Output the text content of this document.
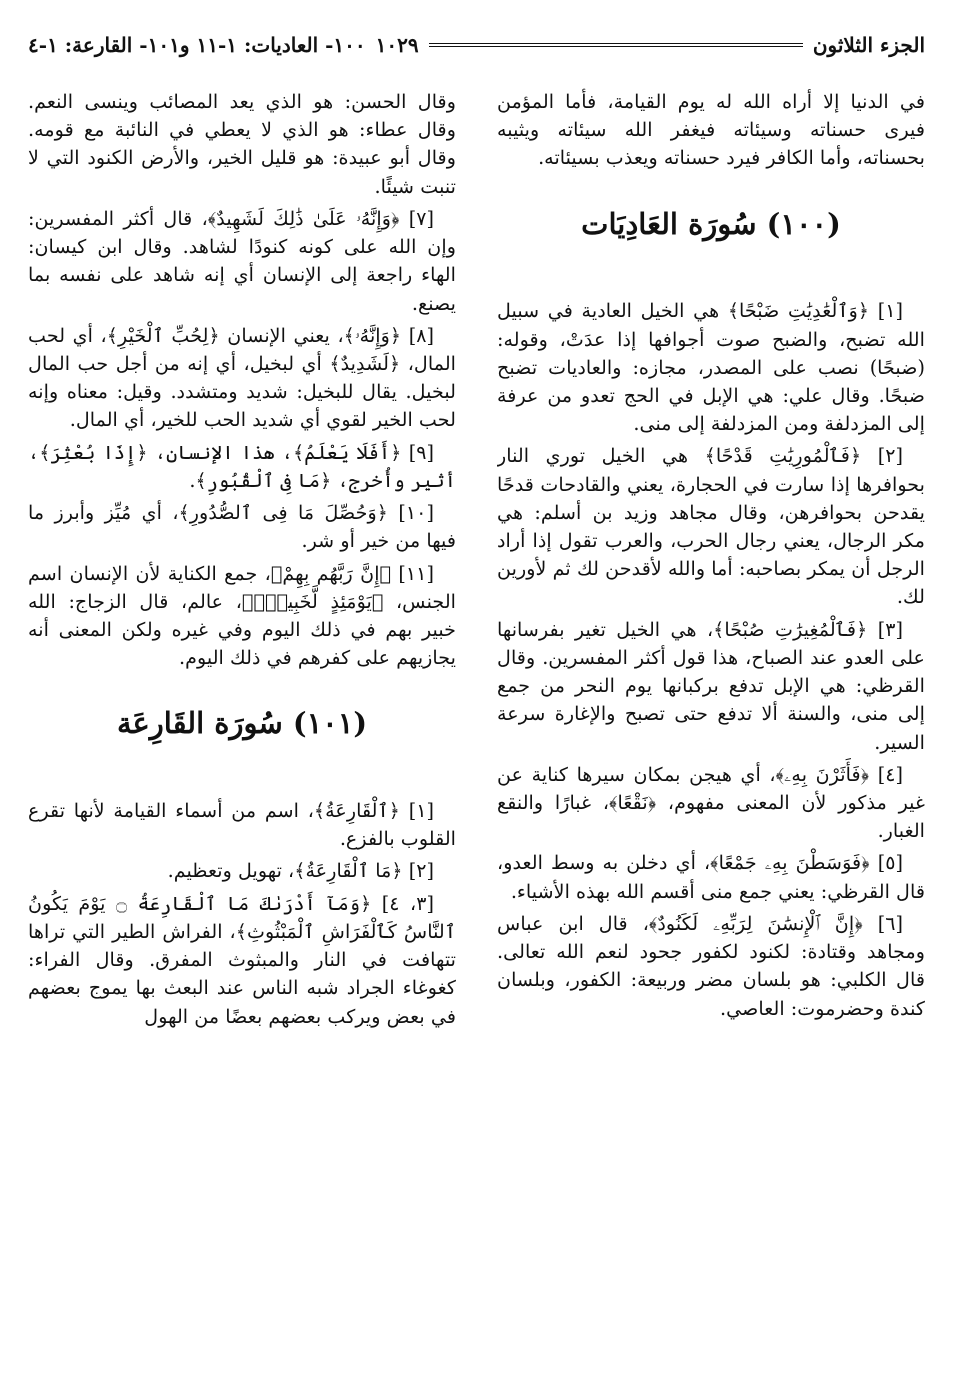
الجزء الثلاثون
١٠٢٩
١٠٠- العاديات: ١-١١ و١٠١- القارعة: ١-٤

في الدنيا إلا أراه الله له يوم القيامة، فأما المؤمن فيرى حسناته وسيئاته فيغفر الله سيئاته ويثيبه بحسناته، وأما الكافر فيرد حسناته ويعذب بسيئاته.

(١٠٠) سُورَة العَادِيَات

[١] ﴿وَٱلْعَٰدِيَٰتِ ضَبْحًا﴾ هي الخيل العادية في سبيل الله تضبح، والضبح صوت أجوافها إذا عدَتْ، وقوله: (ضبحًا) نصب على المصدر، مجازه: والعاديات تضبح ضبحًا. وقال علي: هي الإبل في الحج تعدو من عرفة إلى المزدلفة ومن المزدلفة إلى منى.

[٢] ﴿فَٱلْمُورِيَٰتِ قَدْحًا﴾ هي الخيل توري النار بحوافرها إذا سارت في الحجارة، يعني والقادحات قدحًا يقدحن بحوافرهن، وقال مجاهد وزيد بن أسلم: هي مكر الرجال، يعني رجال الحرب، والعرب تقول إذا أراد الرجل أن يمكر بصاحبه: أما والله لأقدحن لك ثم لأورين لك.

[٣] ﴿فَٱلْمُغِيرَٰتِ صُبْحًا﴾، هي الخيل تغير بفرسانها على العدو عند الصباح، هذا قول أكثر المفسرين. وقال القرظي: هي الإبل تدفع بركبانها يوم النحر من جمع إلى منى، والسنة ألا تدفع حتى تصبح والإغارة سرعة السير.

[٤] ﴿فَأَثَرْنَ بِهِۦ﴾، أي هيجن بمكان سيرها كناية عن غير مذكور لأن المعنى مفهوم، ﴿نَقْعًا﴾، غبارًا والنقع الغبار.

[٥] ﴿فَوَسَطْنَ بِهِۦ جَمْعًا﴾، أي دخلن به وسط العدو، قال القرظي: يعني جمع منى أقسم الله بهذه الأشياء.

[٦] ﴿إِنَّ ٱلْإِنسَٰنَ لِرَبِّهِۦ لَكَنُودٌ﴾، قال ابن عباس ومجاهد وقتادة: لكنود لكفور جحود لنعم الله تعالى. قال الكلبي: هو بلسان مضر وربيعة: الكفور، وبلسان كندة وحضرموت: العاصي.

وقال الحسن: هو الذي يعد المصائب وينسى النعم. وقال عطاء: هو الذي لا يعطي في النائبة مع قومه. وقال أبو عبيدة: هو قليل الخير، والأرض الكنود التي لا تنبت شيئًا.

[٧] ﴿وَإِنَّهُۥ عَلَىٰ ذَٰلِكَ لَشَهِيدٌ﴾، قال أكثر المفسرين: وإن الله على كونه كنودًا لشاهد. وقال ابن كيسان: الهاء راجعة إلى الإنسان أي إنه شاهد على نفسه بما يصنع.

[٨] ﴿وَإِنَّهُۥ﴾، يعني الإنسان ﴿لِحُبِّ ٱلْخَيْرِ﴾، أي لحب المال، ﴿لَشَدِيدٌ﴾ أي لبخيل، أي إنه من أجل حب المال لبخيل. يقال للبخيل: شديد ومتشدد. وقيل: معناه وإنه لحب الخير لقوي أي شديد الحب للخير، أي المال.

[٩] ﴿أَفَلَا يَعْلَمُ﴾، هذا الإنسان، ﴿إِذَا بُعْثِرَ﴾، أثير وأُخرج، ﴿مَا فِى ٱلْقُبُورِ﴾.

[١٠] ﴿وَحُصِّلَ مَا فِى ٱلصُّدُورِ﴾، أي مُيِّز وأبرز ما فيها من خير أو شر.

[١١] ﴿إِنَّ رَبَّهُم بِهِمْ﴾، جمع الكناية لأن الإنسان اسم الجنس، ﴿يَوْمَئِذٍ لَّخَبِيرٌۢ﴾، عالم، قال الزجاج: الله خبير بهم في ذلك اليوم وفي غيره ولكن المعنى أنه يجازيهم على كفرهم في ذلك اليوم.

(١٠١) سُورَة القَارِعَة

[١] ﴿ٱلْقَارِعَةُ﴾، اسم من أسماء القيامة لأنها تقرع القلوب بالفزع.

[٢] ﴿مَا ٱلْقَارِعَةُ﴾، تهويل وتعظيم.

[٣، ٤] ﴿وَمَآ أَدْرَىٰكَ مَا ٱلْقَارِعَةُ ۝ يَوْمَ يَكُونُ ٱلنَّاسُ كَٱلْفَرَاشِ ٱلْمَبْثُوثِ﴾، الفراش الطير التي تراها تتهافت في النار والمبثوث المفرق. وقال الفراء: كغوغاء الجراد شبه الناس عند البعث بها يموج بعضهم في بعض ويركب بعضهم بعضًا من الهول
